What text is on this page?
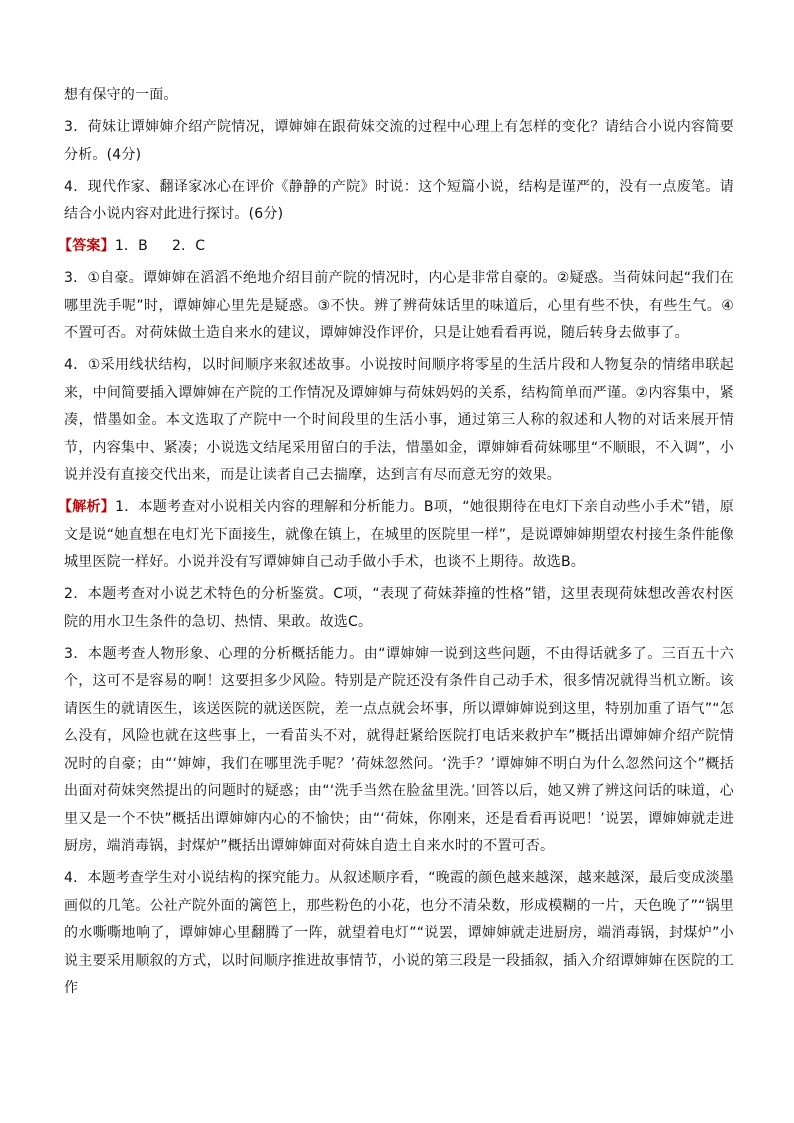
想有保守的一面。

3．荷妹让谭婶婶介绍产院情况，谭婶婶在跟荷妹交流的过程中心理上有怎样的变化？请结合小说内容简要分析。(4分)

4．现代作家、翻译家冰心在评价《静静的产院》时说：这个短篇小说，结构是谨严的，没有一点废笔。请结合小说内容对此进行探讨。(6分)

【答案】1．B 2．C

3．①自豪。谭婶婶在滔滔不绝地介绍目前产院的情况时，内心是非常自豪的。②疑惑。当荷妹问起“我们在哪里洗手呢”时，谭婶婶心里先是疑惑。③不快。辨了辨荷妹话里的味道后，心里有些不快，有些生气。④不置可否。对荷妹做土造自来水的建议，谭婶婶没作评价，只是让她看看再说，随后转身去做事了。

4．①采用线状结构，以时间顺序来叙述故事。小说按时间顺序将零星的生活片段和人物复杂的情绪串联起来，中间简要插入谭婶婶在产院的工作情况及谭婶婶与荷妹妈妈的关系，结构简单而严谨。②内容集中，紧凑，惜墨如金。本文选取了产院中一个时间段里的生活小事，通过第三人称的叙述和人物的对话来展开情节，内容集中、紧凑；小说选文结尾采用留白的手法，惜墨如金，谭婶婶看荷妹哪里“不顺眼，不入调”，小说并没有直接交代出来，而是让读者自己去揣摩，达到言有尽而意无穷的效果。

【解析】1．本题考查对小说相关内容的理解和分析能力。B项，“她很期待在电灯下亲自动些小手术”错，原文是说“她直想在电灯光下面接生，就像在镇上，在城里的医院里一样”，是说谭婶婶期望农村接生条件能像城里医院一样好。小说并没有写谭婶婶自己动手做小手术，也谈不上期待。故选B。

2．本题考查对小说艺术特色的分析鉴赏。C项，“表现了荷妹莽撞的性格”错，这里表现荷妹想改善农村医院的用水卫生条件的急切、热情、果敢。故选C。

3．本题考查人物形象、心理的分析概括能力。由“谭婶婶一说到这些问题，不由得话就多了。三百五十六个，这可不是容易的啊！这要担多少风险。特别是产院还没有条件自己动手术，很多情况就得当机立断。该请医生的就请医生，该送医院的就送医院，差一点点就会坏事，所以谭婶婶说到这里，特别加重了语气”“怎么没有，风险也就在这些事上，一看苗头不对，就得赶紧给医院打电话来救护车”概括出谭婶婶介绍产院情况时的自豪；由“‘婶婶，我们在哪里洗手呢？’荷妹忽然问。‘洗手？’谭婶婶不明白为什么忽然问这个”概括出面对荷妹突然提出的问题时的疑惑；由“‘洗手当然在脸盆里洗。’回答以后，她又辨了辨这问话的味道，心里又是一个不快”概括出谭婶婶内心的不愉快；由“‘荷妹，你刚来，还是看看再说吧！’说罢，谭婶婶就走进厨房，端消毒锅，封煤炉”概括出谭婶婶面对荷妹自造土自来水时的不置可否。

4．本题考查学生对小说结构的探究能力。从叙述顺序看，“晚霞的颜色越来越深，越来越深，最后变成淡墨画似的几笔。公社产院外面的篱笆上，那些粉色的小花，也分不清朵数，形成模糊的一片，天色晚了”“锅里的水嘶嘶地响了，谭婶婶心里翻腾了一阵，就望着电灯”“说罢，谭婶婶就走进厨房，端消毒锅，封煤炉”小说主要采用顺叙的方式，以时间顺序推进故事情节，小说的第三段是一段插叙，插入介绍谭婶婶在医院的工作
